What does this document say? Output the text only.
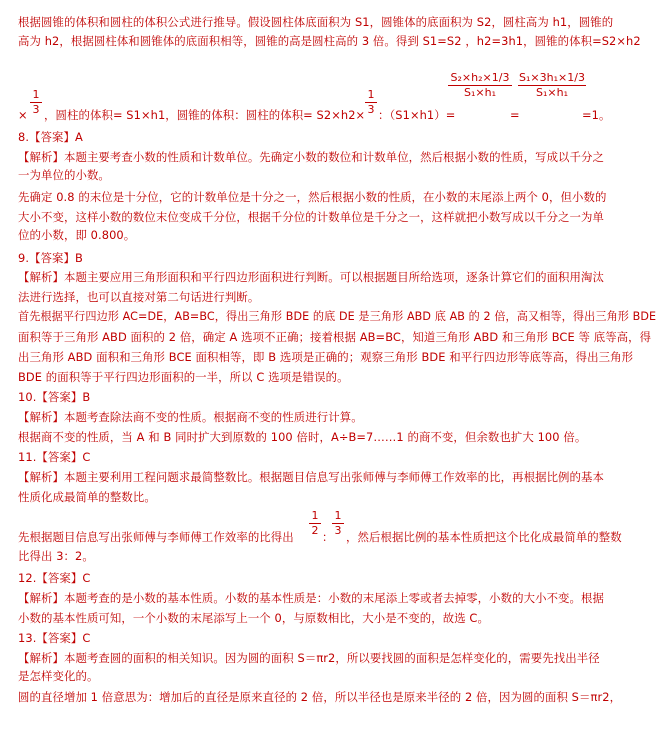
根据圆锥的体积和圆柱的体积公式进行推导。假设圆柱体底面积为 S1，圆锥体的底面积为 S2，圆柱高为 h1，圆锥的
高为 h2，根据圆柱体和圆锥体的底面积相等，圆锥的高是圆柱高的 3 倍。得到 S1=S2 ，h2=3h1，圆锥的体积=S2×h2
×
1
3 ，圆柱的体积= S1×h1，圆锥的体积：圆柱的体积= S2×h2×
1
3 ：（S1×h1）=
S₂×h₂×1/3
S₁×h₁
=
S₁×3h₁×1/3
S₁×h₁
=1。
8.【答案】A
【解析】本题主要考查小数的性质和计数单位。先确定小数的数位和计数单位，然后根据小数的性质，写成以千分之
一为单位的小数。
先确定 0.8 的末位是十分位，它的计数单位是十分之一，然后根据小数的性质，在小数的末尾添上两个 0，但小数的
大小不变，这样小数的数位末位变成千分位，根据千分位的计数单位是千分之一，这样就把小数写成以千分之一为单
位的小数，即 0.800。
9.【答案】B
【解析】本题主要应用三角形面积和平行四边形面积进行判断。可以根据题目所给选项，逐条计算它们的面积用淘汰
法进行选择，也可以直接对第二句话进行判断。
首先根据平行四边形 AC=DE，AB=BC，得出三角形 BDE 的底 DE 是三角形 ABD 底 AB 的 2 倍，高又相等，得出三角形 BDE
面积等于三角形 ABD 面积的 2 倍，确定 A 选项不正确；接着根据 AB=BC，知道三角形 ABD 和三角形 BCE 等 底等高，得
出三角形 ABD 面积和三角形 BCE 面积相等，即 B 选项是正确的；观察三角形 BDE 和平行四边形等底等高，得出三角形
BDE 的面积等于平行四边形面积的一半，所以 C 选项是错误的。
10.【答案】B
【解析】本题考查除法商不变的性质。根据商不变的性质进行计算。
根据商不变的性质，当 A 和 B 同时扩大到原数的 100 倍时，A÷B=7……1 的商不变，但余数也扩大 100 倍。
11.【答案】C
【解析】本题主要利用工程问题求最简整数比。根据题目信息写出张师傅与李师傅工作效率的比，再根据比例的基本
性质化成最简单的整数比。
先根据题目信息写出张师傅与李师傅工作效率的比得出
1
2 ：
1
3 ，然后根据比例的基本性质把这个比化成最简单的整数
比得出 3：2。
12.【答案】C
【解析】本题考查的是小数的基本性质。小数的基本性质是：小数的末尾添上零或者去掉零，小数的大小不变。根据
小数的基本性质可知，一个小数的末尾添写上一个 0，与原数相比，大小是不变的，故选 C。
13.【答案】C
【解析】本题考查圆的面积的相关知识。因为圆的面积 S＝πr2，所以要找圆的面积是怎样变化的，需要先找出半径
是怎样变化的。
圆的直径增加 1 倍意思为：增加后的直径是原来直径的 2 倍，所以半径也是原来半径的 2 倍，因为圆的面积 S＝πr2，
